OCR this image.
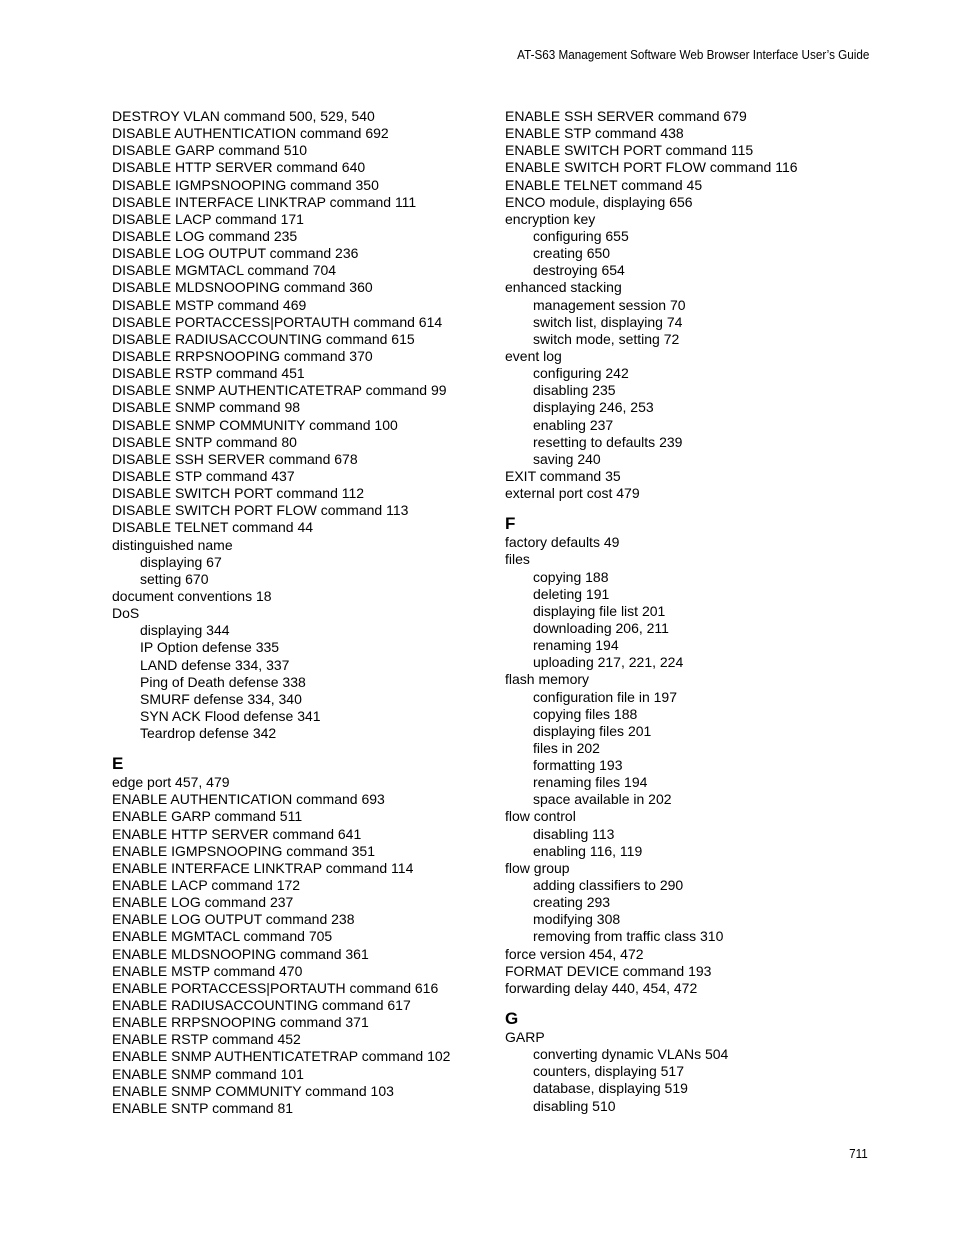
AT-S63 Management Software Web Browser Interface User’s Guide
DESTROY VLAN command 500, 529, 540
DISABLE AUTHENTICATION command 692
DISABLE GARP command 510
DISABLE HTTP SERVER command 640
DISABLE IGMPSNOOPING command 350
DISABLE INTERFACE LINKTRAP command 111
DISABLE LACP command 171
DISABLE LOG command 235
DISABLE LOG OUTPUT command 236
DISABLE MGMTACL command 704
DISABLE MLDSNOOPING command 360
DISABLE MSTP command 469
DISABLE PORTACCESS|PORTAUTH command 614
DISABLE RADIUSACCOUNTING command 615
DISABLE RRPSNOOPING command 370
DISABLE RSTP command 451
DISABLE SNMP AUTHENTICATETRAP command 99
DISABLE SNMP command 98
DISABLE SNMP COMMUNITY command 100
DISABLE SNTP command 80
DISABLE SSH SERVER command 678
DISABLE STP command 437
DISABLE SWITCH PORT command 112
DISABLE SWITCH PORT FLOW command 113
DISABLE TELNET command 44
distinguished name
displaying 67
setting 670
document conventions 18
DoS
displaying 344
IP Option defense 335
LAND defense 334, 337
Ping of Death defense 338
SMURF defense 334, 340
SYN ACK Flood defense 341
Teardrop defense 342
E
edge port 457, 479
ENABLE AUTHENTICATION command 693
ENABLE GARP command 511
ENABLE HTTP SERVER command 641
ENABLE IGMPSNOOPING command 351
ENABLE INTERFACE LINKTRAP command 114
ENABLE LACP command 172
ENABLE LOG command 237
ENABLE LOG OUTPUT command 238
ENABLE MGMTACL command 705
ENABLE MLDSNOOPING command 361
ENABLE MSTP command 470
ENABLE PORTACCESS|PORTAUTH command 616
ENABLE RADIUSACCOUNTING command 617
ENABLE RRPSNOOPING command 371
ENABLE RSTP command 452
ENABLE SNMP AUTHENTICATETRAP command 102
ENABLE SNMP command 101
ENABLE SNMP COMMUNITY command 103
ENABLE SNTP command 81
ENABLE SSH SERVER command 679
ENABLE STP command 438
ENABLE SWITCH PORT command 115
ENABLE SWITCH PORT FLOW command 116
ENABLE TELNET command 45
ENCO module, displaying 656
encryption key
configuring 655
creating 650
destroying 654
enhanced stacking
management session 70
switch list, displaying 74
switch mode, setting 72
event log
configuring 242
disabling 235
displaying 246, 253
enabling 237
resetting to defaults 239
saving 240
EXIT command 35
external port cost 479
F
factory defaults 49
files
copying 188
deleting 191
displaying file list 201
downloading 206, 211
renaming 194
uploading 217, 221, 224
flash memory
configuration file in 197
copying files 188
displaying files 201
files in 202
formatting 193
renaming files 194
space available in 202
flow control
disabling 113
enabling 116, 119
flow group
adding classifiers to 290
creating 293
modifying 308
removing from traffic class 310
force version 454, 472
FORMAT DEVICE command 193
forwarding delay 440, 454, 472
G
GARP
converting dynamic VLANs 504
counters, displaying 517
database, displaying 519
disabling 510
711
